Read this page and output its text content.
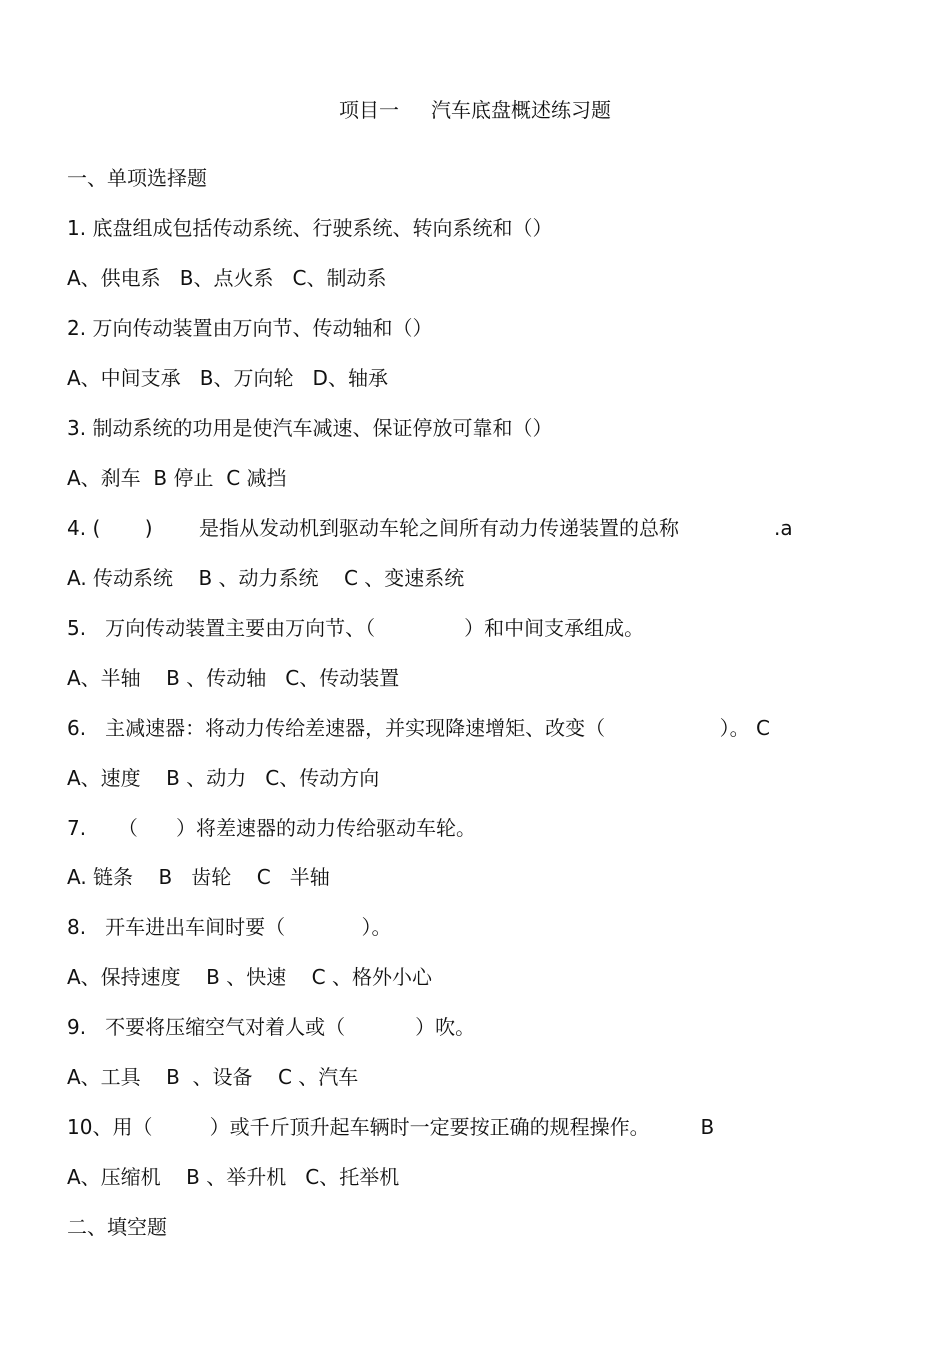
项目一 汽车底盘概述练习题
一、单项选择题
1. 底盘组成包括传动系统、行驶系统、转向系统和（）
A、供电系   B、点火系   C、制动系
2. 万向传动装置由万向节、传动轴和（）
A、中间支承   B、万向轮   D、轴承
3. 制动系统的功用是使汽车减速、保证停放可靠和（）
A、刹车  B 停止  C 减挡

4. (       )

是指从发动机到驱动车轮之间所有动力传递装置的总称

	.a

A. 传动系统    B 、动力系统    C 、变速系统
5.   万向传动装置主要由万向节、（              ）和中间支承组成。
A、半轴    B 、传动轴   C、传动装置
6.   主减速器：将动力传给差速器，并实现降速增矩、改变（                  ）。 C
A、速度    B 、动力   C、传动方向
7.     （      ）将差速器的动力传给驱动车轮。
A. 链条    B   齿轮    C   半轴
8.   开车进出车间时要（            ）。
A、保持速度    B 、快速    C 、格外小心
9.   不要将压缩空气对着人或（           ）吹。
A、工具    B  、设备    C 、汽车
10、用（         ）或千斤顶升起车辆时一定要按正确的规程操作。        B
A、压缩机    B 、举升机   C、托举机
二、填空题
